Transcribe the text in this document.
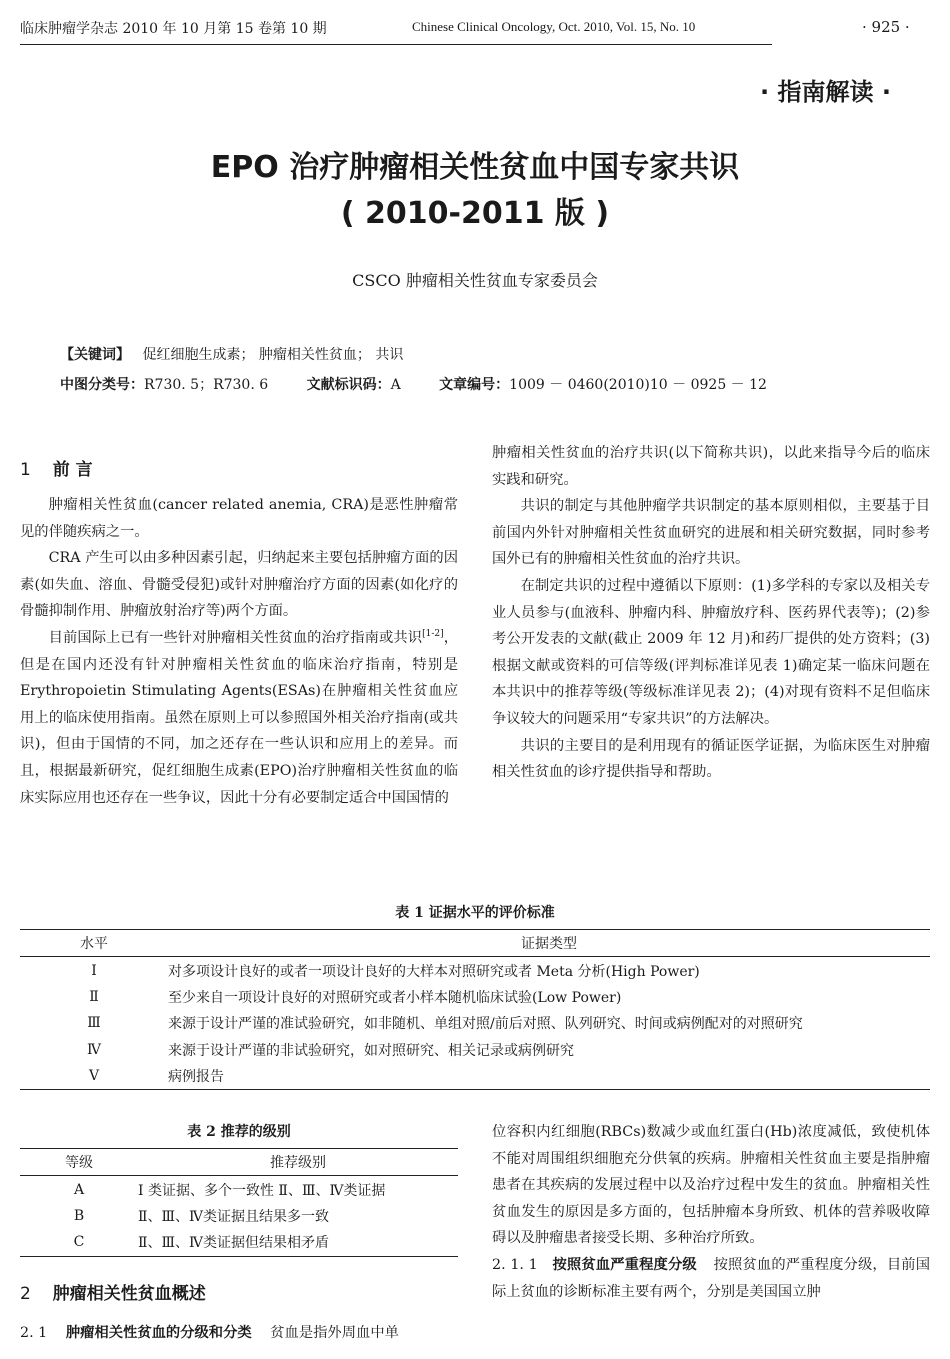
临床肿瘤学杂志 2010 年 10 月第 15 卷第 10 期	Chinese Clinical Oncology, Oct. 2010, Vol. 15, No. 10	· 925 ·
· 指南解读 ·
EPO 治疗肿瘤相关性贫血中国专家共识
( 2010-2011 版 )
CSCO 肿瘤相关性贫血专家委员会
【关键词】 促红细胞生成素； 肿瘤相关性贫血； 共识
中图分类号：R730. 5；R730. 6	文献标识码：A	文章编号：1009 － 0460(2010)10 － 0925 － 12
1 前 言

肿瘤相关性贫血(cancer related anemia, CRA)是恶性肿瘤常见的伴随疾病之一。

CRA 产生可以由多种因素引起，归纳起来主要包括肿瘤方面的因素(如失血、溶血、骨髓受侵犯)或针对肿瘤治疗方面的因素(如化疗的骨髓抑制作用、肿瘤放射治疗等)两个方面。

目前国际上已有一些针对肿瘤相关性贫血的治疗指南或共识[1-2]，但是在国内还没有针对肿瘤相关性贫血的临床治疗指南，特别是 Erythropoietin Stimulating Agents(ESAs)在肿瘤相关性贫血应用上的临床使用指南。虽然在原则上可以参照国外相关治疗指南(或共识)，但由于国情的不同，加之还存在一些认识和应用上的差异。而且，根据最新研究，促红细胞生成素(EPO)治疗肿瘤相关性贫血的临床实际应用也还存在一些争议，因此十分有必要制定适合中国国情的

肿瘤相关性贫血的治疗共识(以下简称共识)，以此来指导今后的临床实践和研究。

共识的制定与其他肿瘤学共识制定的基本原则相似，主要基于目前国内外针对肿瘤相关性贫血研究的进展和相关研究数据，同时参考国外已有的肿瘤相关性贫血的治疗共识。

在制定共识的过程中遵循以下原则：(1)多学科的专家以及相关专业人员参与(血液科、肿瘤内科、肿瘤放疗科、医药界代表等)；(2)参考公开发表的文献(截止 2009 年 12 月)和药厂提供的处方资料；(3)根据文献或资料的可信等级(评判标准详见表 1)确定某一临床问题在本共识中的推荐等级(等级标准详见表 2)；(4)对现有资料不足但临床争议较大的问题采用“专家共识”的方法解决。

共识的主要目的是利用现有的循证医学证据，为临床医生对肿瘤相关性贫血的诊疗提供指导和帮助。

表 1 证据水平的评价标准
水平	证据类型
Ⅰ	对多项设计良好的或者一项设计良好的大样本对照研究或者 Meta 分析(High Power)
Ⅱ	至少来自一项设计良好的对照研究或者小样本随机临床试验(Low Power)
Ⅲ	来源于设计严谨的准试验研究，如非随机、单组对照/前后对照、队列研究、时间或病例配对的对照研究
Ⅳ	来源于设计严谨的非试验研究，如对照研究、相关记录或病例研究
Ⅴ	病例报告
表 2 推荐的级别
等级	推荐级别
A	Ⅰ 类证据、多个一致性 Ⅱ、Ⅲ、Ⅳ类证据
B	Ⅱ、Ⅲ、Ⅳ类证据且结果多一致
C	Ⅱ、Ⅲ、Ⅳ类证据但结果相矛盾
2 肿瘤相关性贫血概述
2. 1 肿瘤相关性贫血的分级和分类 贫血是指外周血中单

位容积内红细胞(RBCs)数减少或血红蛋白(Hb)浓度减低，致使机体不能对周围组织细胞充分供氧的疾病。肿瘤相关性贫血主要是指肿瘤患者在其疾病的发展过程中以及治疗过程中发生的贫血。肿瘤相关性贫血发生的原因是多方面的，包括肿瘤本身所致、机体的营养吸收障碍以及肿瘤患者接受长期、多种治疗所致。

2. 1. 1 按照贫血严重程度分级 按照贫血的严重程度分级，目前国际上贫血的诊断标准主要有两个，分别是美国国立肿
